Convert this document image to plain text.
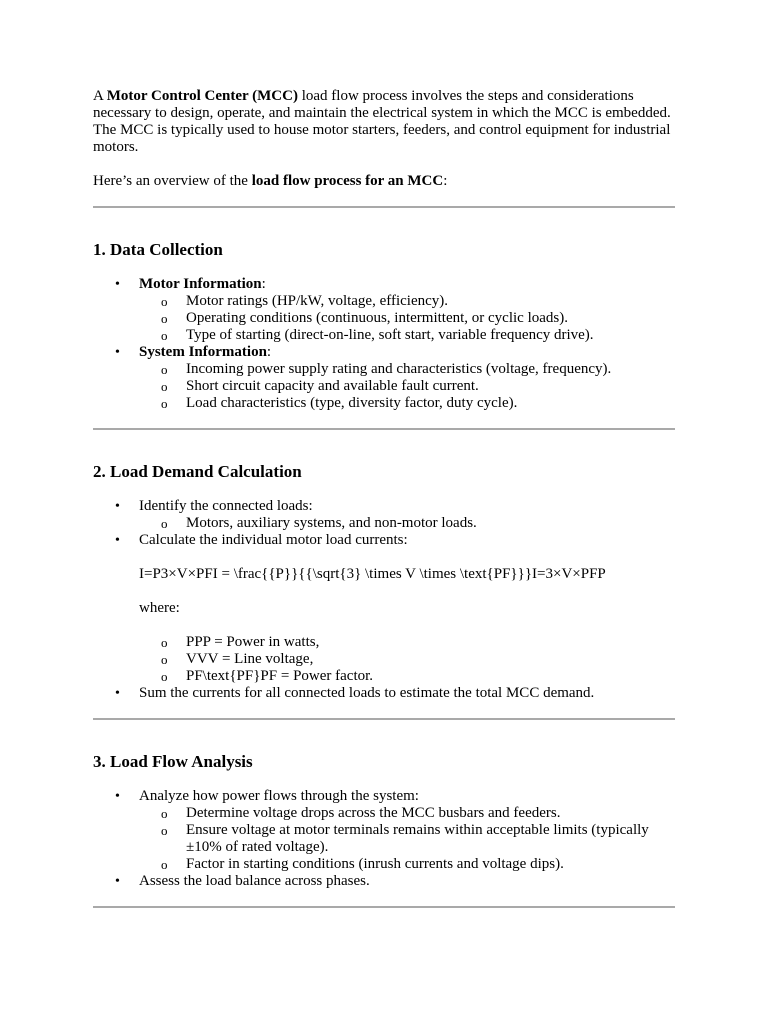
A Motor Control Center (MCC) load flow process involves the steps and considerations necessary to design, operate, and maintain the electrical system in which the MCC is embedded. The MCC is typically used to house motor starters, feeders, and control equipment for industrial motors.

Here’s an overview of the load flow process for an MCC:

1. Data Collection
• Motor Information:
o Motor ratings (HP/kW, voltage, efficiency).
o Operating conditions (continuous, intermittent, or cyclic loads).
o Type of starting (direct-on-line, soft start, variable frequency drive).
• System Information:
o Incoming power supply rating and characteristics (voltage, frequency).
o Short circuit capacity and available fault current.
o Load characteristics (type, diversity factor, duty cycle).
2. Load Demand Calculation
• Identify the connected loads:
o Motors, auxiliary systems, and non-motor loads.
• Calculate the individual motor load currents:

I=P3×V×PFI = \frac{{P}}{{\sqrt{3} \times V \times \text{PF}}}I=3×V×PFP

where:

o PPP = Power in watts,
o VVV = Line voltage,
o PF\text{PF}PF = Power factor.
• Sum the currents for all connected loads to estimate the total MCC demand.
3. Load Flow Analysis
• Analyze how power flows through the system:
o Determine voltage drops across the MCC busbars and feeders.
o Ensure voltage at motor terminals remains within acceptable limits (typically ±10% of rated voltage).
o Factor in starting conditions (inrush currents and voltage dips).
• Assess the load balance across phases.
